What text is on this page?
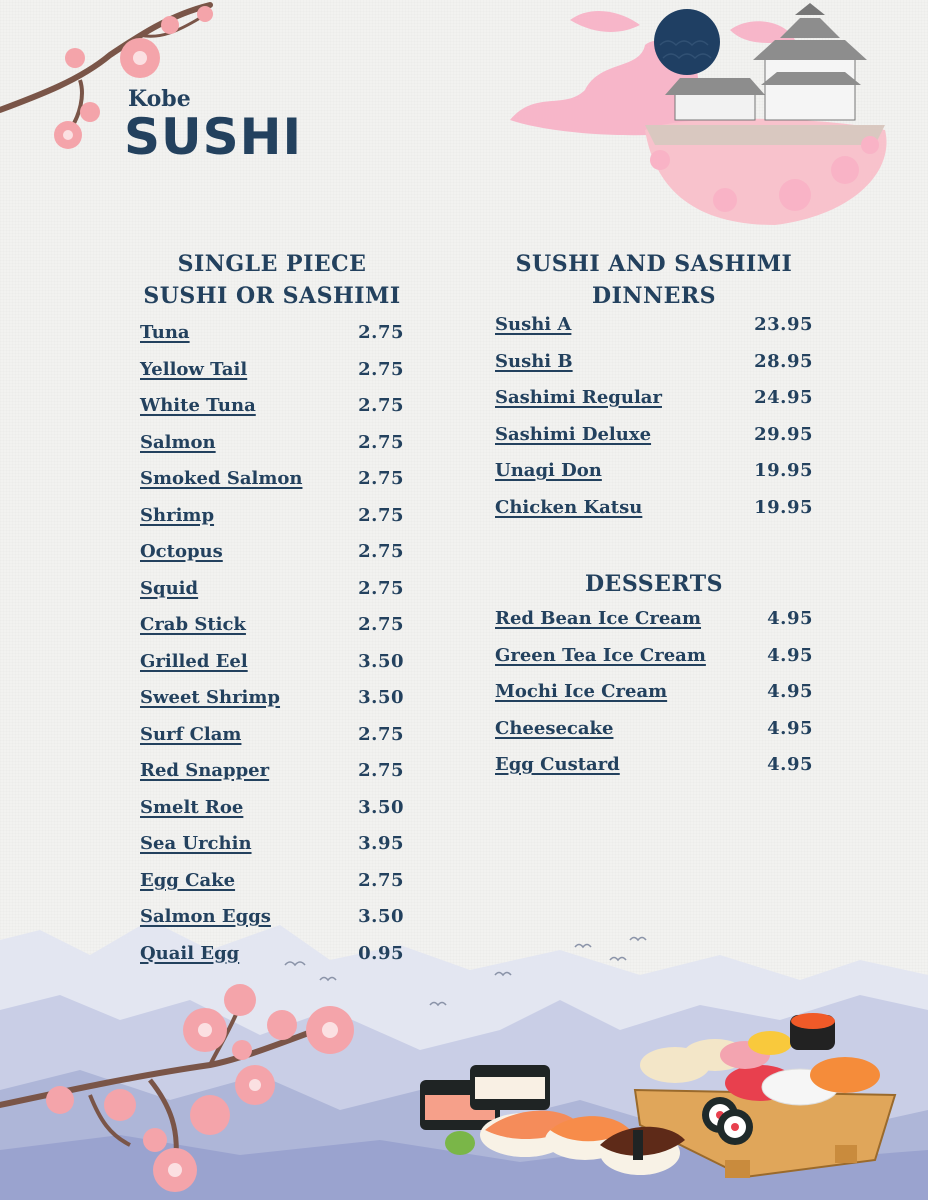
Kobe
SUSHI
SINGLE PIECE
SUSHI OR SASHIMI
Tuna	2.75
Yellow Tail	2.75
White Tuna	2.75
Salmon	2.75
Smoked Salmon	2.75
Shrimp	2.75
Octopus	2.75
Squid	2.75
Crab Stick	2.75
Grilled Eel	3.50
Sweet Shrimp	3.50
Surf Clam	2.75
Red Snapper	2.75
Smelt Roe	3.50
Sea Urchin	3.95
Egg Cake	2.75
Salmon Eggs	3.50
Quail Egg	0.95
SUSHI AND SASHIMI
DINNERS
Sushi A	23.95
Sushi B	28.95
Sashimi Regular	24.95
Sashimi Deluxe	29.95
Unagi Don	19.95
Chicken Katsu	19.95
DESSERTS
Red Bean Ice Cream	4.95
Green Tea Ice Cream	4.95
Mochi Ice Cream	4.95
Cheesecake	4.95
Egg Custard	4.95
